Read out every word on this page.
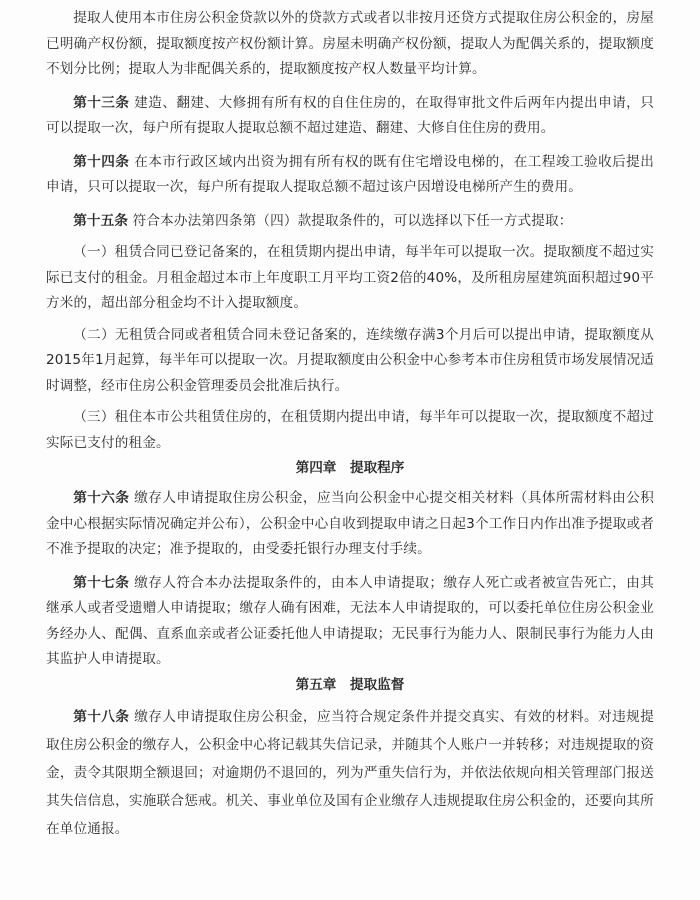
提取人使用本市住房公积金贷款以外的贷款方式或者以非按月还贷方式提取住房公积金的，房屋已明确产权份额，提取额度按产权份额计算。房屋未明确产权份额，提取人为配偶关系的，提取额度不划分比例；提取人为非配偶关系的，提取额度按产权人数量平均计算。

第十三条 建造、翻建、大修拥有所有权的自住住房的，在取得审批文件后两年内提出申请，只可以提取一次，每户所有提取人提取总额不超过建造、翻建、大修自住住房的费用。

第十四条 在本市行政区域内出资为拥有所有权的既有住宅增设电梯的，在工程竣工验收后提出申请，只可以提取一次，每户所有提取人提取总额不超过该户因增设电梯所产生的费用。

第十五条 符合本办法第四条第（四）款提取条件的，可以选择以下任一方式提取：

（一）租赁合同已登记备案的，在租赁期内提出申请，每半年可以提取一次。提取额度不超过实际已支付的租金。月租金超过本市上年度职工月平均工资2倍的40%，及所租房屋建筑面积超过90平方米的，超出部分租金均不计入提取额度。

（二）无租赁合同或者租赁合同未登记备案的，连续缴存满3个月后可以提出申请，提取额度从2015年1月起算，每半年可以提取一次。月提取额度由公积金中心参考本市住房租赁市场发展情况适时调整，经市住房公积金管理委员会批准后执行。

（三）租住本市公共租赁住房的，在租赁期内提出申请，每半年可以提取一次，提取额度不超过实际已支付的租金。

第四章　提取程序

第十六条 缴存人申请提取住房公积金，应当向公积金中心提交相关材料（具体所需材料由公积金中心根据实际情况确定并公布），公积金中心自收到提取申请之日起3个工作日内作出准予提取或者不准予提取的决定；准予提取的，由受委托银行办理支付手续。

第十七条 缴存人符合本办法提取条件的，由本人申请提取；缴存人死亡或者被宣告死亡，由其继承人或者受遗赠人申请提取；缴存人确有困难，无法本人申请提取的，可以委托单位住房公积金业务经办人、配偶、直系血亲或者公证委托他人申请提取；无民事行为能力人、限制民事行为能力人由其监护人申请提取。

第五章　提取监督

第十八条 缴存人申请提取住房公积金，应当符合规定条件并提交真实、有效的材料。对违规提取住房公积金的缴存人，公积金中心将记载其失信记录，并随其个人账户一并转移；对违规提取的资金，责令其限期全额退回；对逾期仍不退回的，列为严重失信行为，并依法依规向相关管理部门报送其失信信息，实施联合惩戒。机关、事业单位及国有企业缴存人违规提取住房公积金的，还要向其所在单位通报。
